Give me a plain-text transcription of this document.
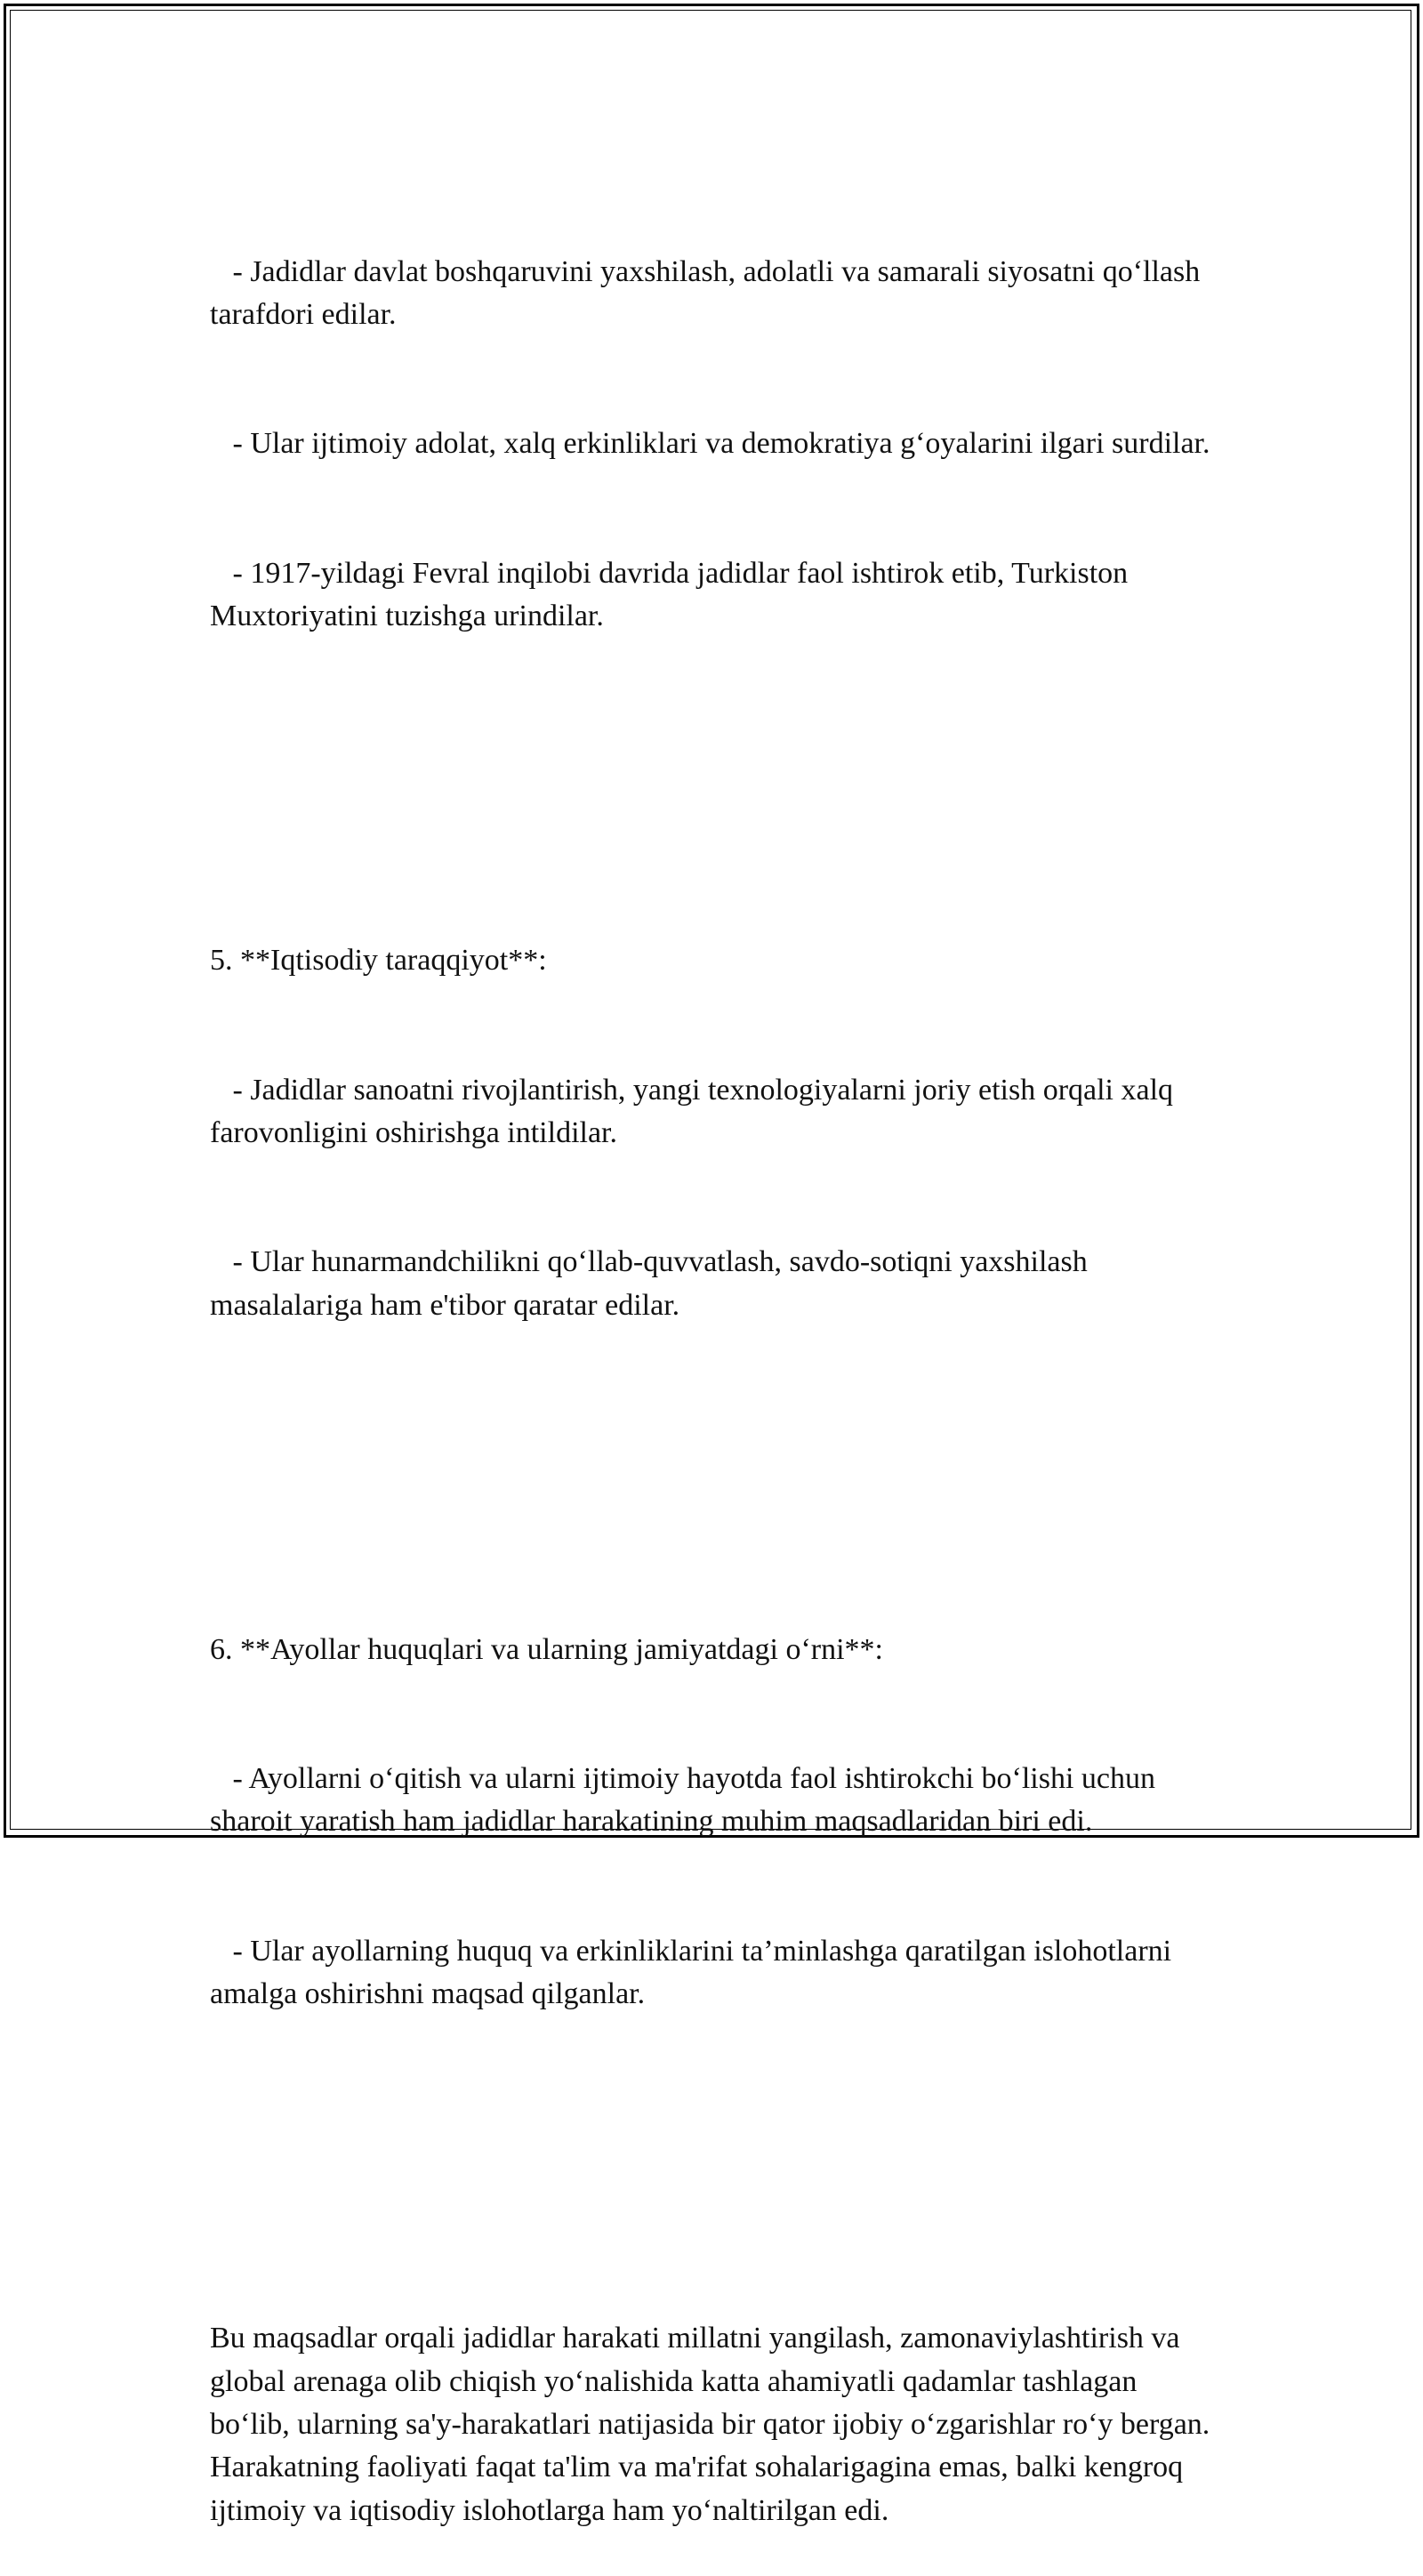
- Jadidlar davlat boshqaruvini yaxshilash, adolatli va samarali siyosatni qo‘llash tarafdori edilar.

- Ular ijtimoiy adolat, xalq erkinliklari va demokratiya g‘oyalarini ilgari surdilar.

- 1917-yildagi Fevral inqilobi davrida jadidlar faol ishtirok etib, Turkiston Muxtoriyatini tuzishga urindilar.

5. **Iqtisodiy taraqqiyot**:

- Jadidlar sanoatni rivojlantirish, yangi texnologiyalarni joriy etish orqali xalq farovonligini oshirishga intildilar.

- Ular hunarmandchilikni qo‘llab-quvvatlash, savdo-sotiqni yaxshilash masalalariga ham e'tibor qaratar edilar.

6. **Ayollar huquqlari va ularning jamiyatdagi o‘rni**:

- Ayollarni o‘qitish va ularni ijtimoiy hayotda faol ishtirokchi bo‘lishi uchun sharoit yaratish ham jadidlar harakatining muhim maqsadlaridan biri edi.

- Ular ayollarning huquq va erkinliklarini ta’minlashga qaratilgan islohotlarni amalga oshirishni maqsad qilganlar.

Bu maqsadlar orqali jadidlar harakati millatni yangilash, zamonaviylashtirish va global arenaga olib chiqish yo‘nalishida katta ahamiyatli qadamlar tashlagan bo‘lib, ularning sa'y-harakatlari natijasida bir qator ijobiy o‘zgarishlar ro‘y bergan. Harakatning faoliyati faqat ta'lim va ma'rifat sohalarigagina emas, balki kengroq ijtimoiy va iqtisodiy islohotlarga ham yo‘naltirilgan edi.
